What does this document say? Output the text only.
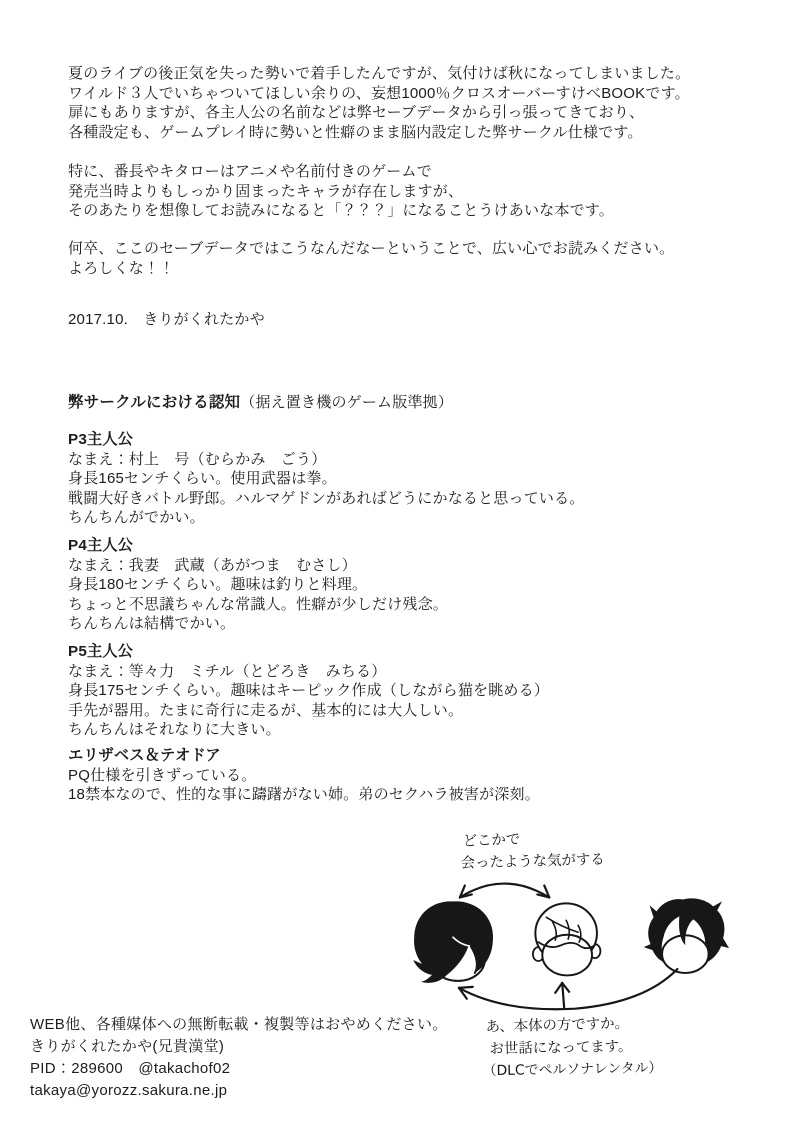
夏のライブの後正気を失った勢いで着手したんですが、気付けば秋になってしまいました。
ワイルド３人でいちゃついてほしい余りの、妄想1000％クロスオーバーすけべBOOKです。
扉にもありますが、各主人公の名前などは弊セーブデータから引っ張ってきており、
各種設定も、ゲームプレイ時に勢いと性癖のまま脳内設定した弊サークル仕様です。
特に、番長やキタローはアニメや名前付きのゲームで
発売当時よりもしっかり固まったキャラが存在しますが、
そのあたりを想像してお読みになると「？？？」になることうけあいな本です。
何卒、ここのセーブデータではこうなんだなーということで、広い心でお読みください。
よろしくな！！
2017.10.　きりがくれたかや
弊サークルにおける認知（据え置き機のゲーム版準拠）
P3主人公
なまえ：村上　号（むらかみ　ごう）
身長165センチくらい。使用武器は拳。
戦闘大好きバトル野郎。ハルマゲドンがあればどうにかなると思っている。
ちんちんがでかい。
P4主人公
なまえ：我妻　武蔵（あがつま　むさし）
身長180センチくらい。趣味は釣りと料理。
ちょっと不思議ちゃんな常識人。性癖が少しだけ残念。
ちんちんは結構でかい。
P5主人公
なまえ：等々力　ミチル（とどろき　みちる）
身長175センチくらい。趣味はキーピック作成（しながら猫を眺める）
手先が器用。たまに奇行に走るが、基本的には大人しい。
ちんちんはそれなりに大きい。
エリザベス＆テオドア
PQ仕様を引きずっている。
18禁本なので、性的な事に躊躇がない姉。弟のセクハラ被害が深刻。
どこかで
会ったような気がする
あ、本体の方ですか。
お世話になってます。
（DLCでペルソナレンタル）
WEB他、各種媒体への無断転載・複製等はおやめください。
きりがくれたかや(兄貴漢堂)
PID：289600　@takachof02
takaya@yorozz.sakura.ne.jp
